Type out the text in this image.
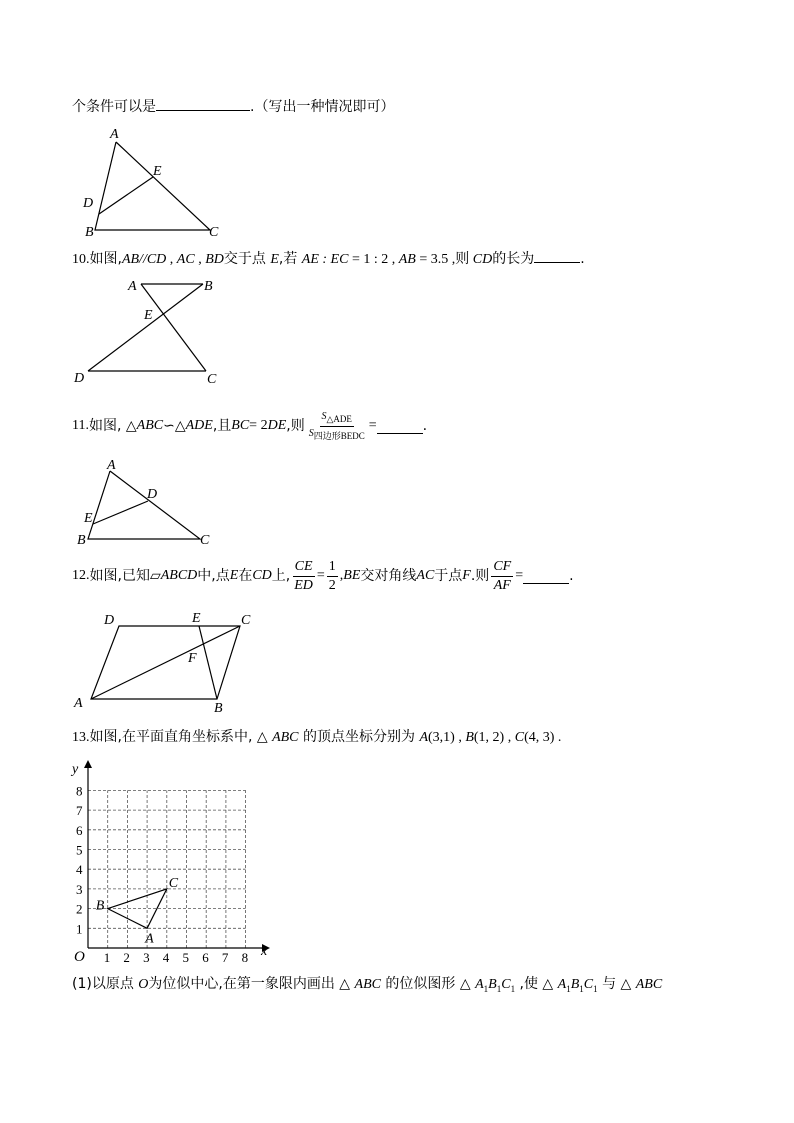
个条件可以是	.（写出一种情况即可）
A
B	C
D
E
10.如图,AB//CD , AC , BD交于点 E,若 AE : EC = 1 : 2 , AB = 3.5 ,则 CD的长为	.
A	B
D	C
E
11. 如图, △ ABC ∽△ ADE ,且 BC = 2 DE ,则 $\frac{S_{\triangle ADE}}{S_{四边形BEDC}}$ =	.
A
B	C
D
E
12. 如图,已知 ▱ ABCD 中,点 E 在 CD 上, $\frac{CE}{ED} = \frac{1}{2}$ , BE 交对角线 AC 于点 F .则 $\frac{CF}{AF}$ =	.
D	E	C
F
A	B
13.如图,在平面直角坐标系中, △ ABC 的顶点坐标分别为 A(3,1) , B(1, 2) , C(4, 3) .
1 2 3 4 5 6 7 8
1
2
3
4
5
6
7
8
O	x
y
A
B
C
(1)以原点 O为位似中心,在第一象限内画出 △ ABC 的位似图形 △ $A_1B_1C_1$ ,使 △ $A_1B_1C_1$ 与 △ ABC
